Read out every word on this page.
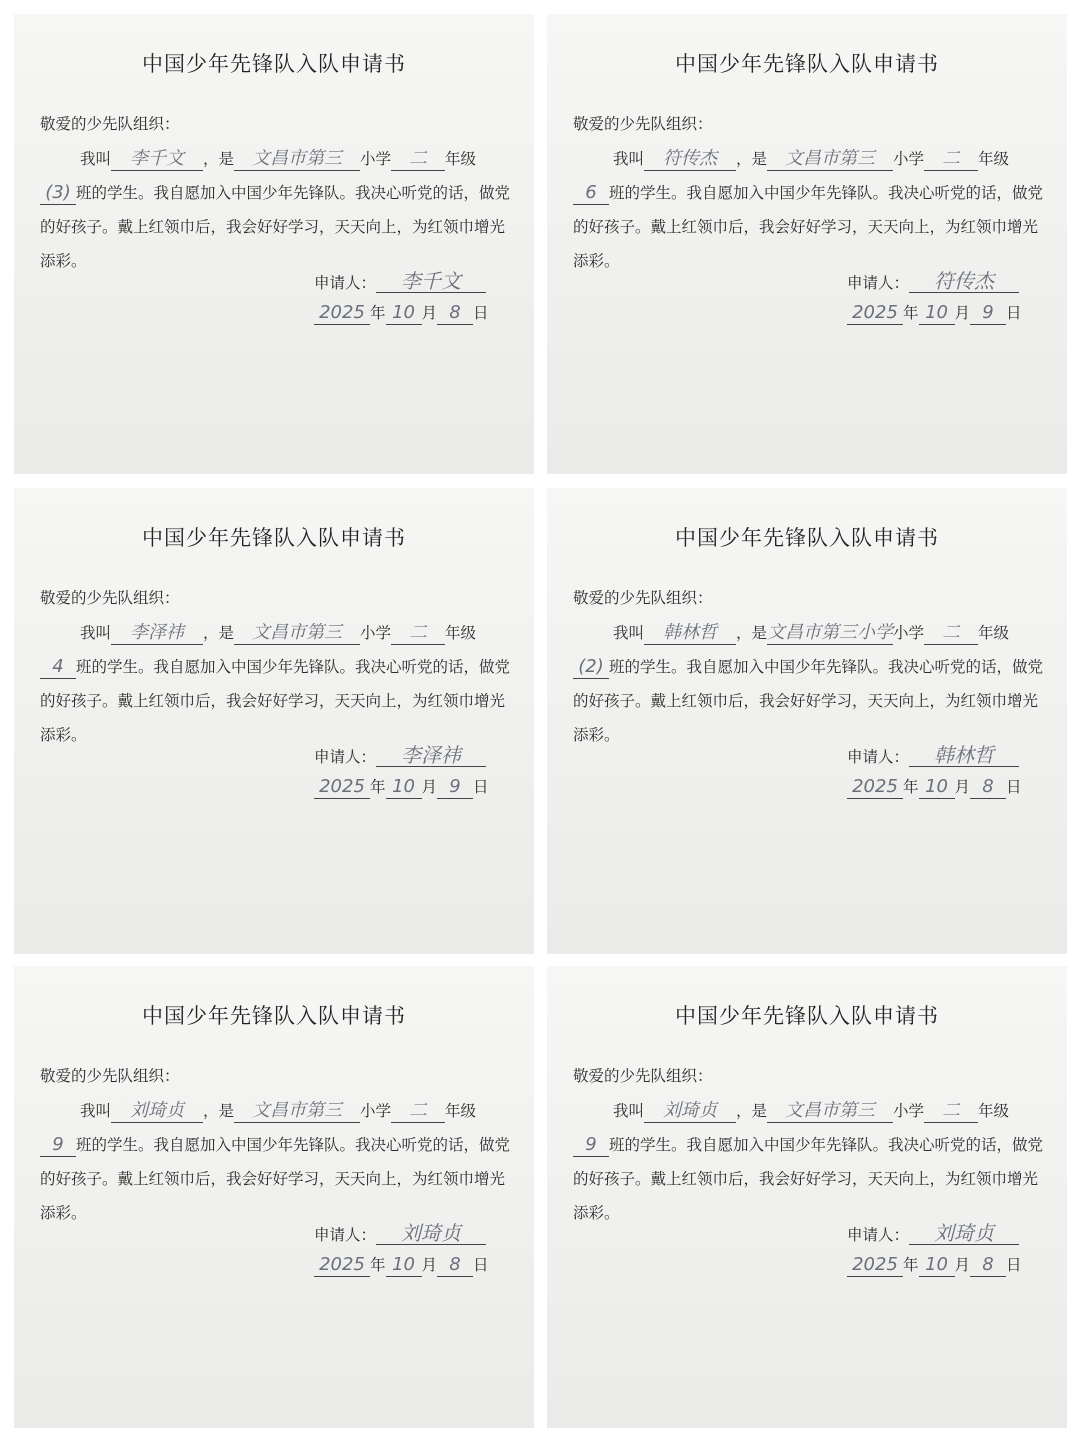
中国少年先锋队入队申请书
敬爱的少先队组织：
我叫 李千文 ，是 文昌市第三 小学 二 年级
(3) 班的学生。我自愿加入中国少年先锋队。我决心听党的话，做党的好孩子。戴上红领巾后，我会好好学习，天天向上，为红领巾增光添彩。
申请人： 李千文
2025 年 10 月 8 日
中国少年先锋队入队申请书
敬爱的少先队组织：
我叫 符传杰 ，是 文昌市第三 小学 二 年级
6 班的学生。我自愿加入中国少年先锋队。我决心听党的话，做党的好孩子。戴上红领巾后，我会好好学习，天天向上，为红领巾增光添彩。
申请人： 符传杰
2025 年 10 月 9 日
中国少年先锋队入队申请书
敬爱的少先队组织：
我叫 李泽祎 ，是 文昌市第三 小学 二 年级
4 班的学生。我自愿加入中国少年先锋队。我决心听党的话，做党的好孩子。戴上红领巾后，我会好好学习，天天向上，为红领巾增光添彩。
申请人： 李泽祎
2025 年 10 月 9 日
中国少年先锋队入队申请书
敬爱的少先队组织：
我叫 韩林哲 ，是文昌市第三小学小学 二 年级
(2) 班的学生。我自愿加入中国少年先锋队。我决心听党的话，做党的好孩子。戴上红领巾后，我会好好学习，天天向上，为红领巾增光添彩。
申请人： 韩林哲
2025 年 10 月 8 日
中国少年先锋队入队申请书
敬爱的少先队组织：
我叫 刘琦贞 ，是 文昌市第三 小学 二 年级
9 班的学生。我自愿加入中国少年先锋队。我决心听党的话，做党的好孩子。戴上红领巾后，我会好好学习，天天向上，为红领巾增光添彩。
申请人： 刘琦贞
2025 年 10 月 8 日
中国少年先锋队入队申请书
敬爱的少先队组织：
我叫 刘琦贞 ，是 文昌市第三 小学 二 年级
9 班的学生。我自愿加入中国少年先锋队。我决心听党的话，做党的好孩子。戴上红领巾后，我会好好学习，天天向上，为红领巾增光添彩。
申请人： 刘琦贞
2025 年 10 月 8 日
